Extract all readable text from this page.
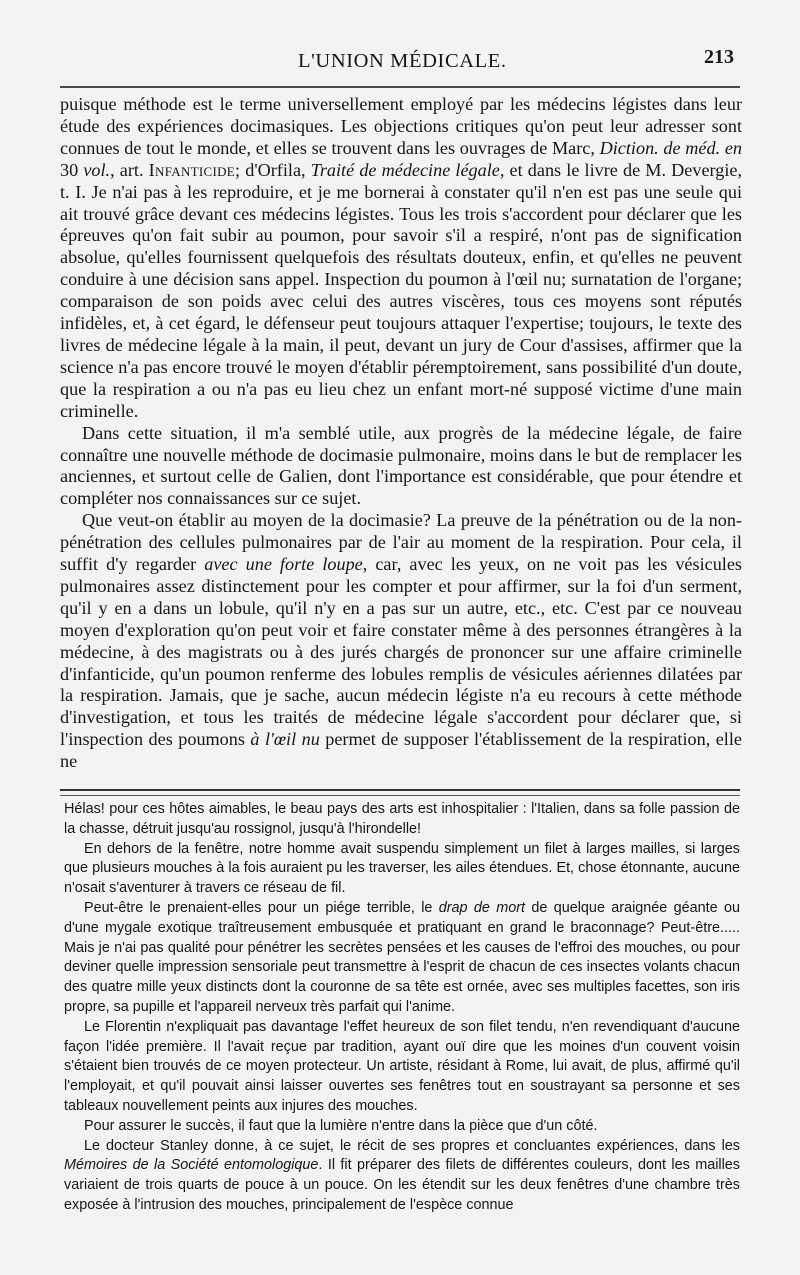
L'UNION MÉDICALE.	213

puisque méthode est le terme universellement employé par les médecins légistes dans leur étude des expériences docimasiques. Les objections critiques qu'on peut leur adresser sont connues de tout le monde, et elles se trouvent dans les ouvrages de Marc, Diction. de méd. en 30 vol., art. Infanticide; d'Orfila, Traité de médecine légale, et dans le livre de M. Devergie, t. I. Je n'ai pas à les reproduire, et je me bornerai à constater qu'il n'en est pas une seule qui ait trouvé grâce devant ces médecins légistes. Tous les trois s'accordent pour déclarer que les épreuves qu'on fait subir au poumon, pour savoir s'il a respiré, n'ont pas de signification absolue, qu'elles fournissent quelquefois des résultats douteux, enfin, et qu'elles ne peuvent conduire à une décision sans appel. Inspection du poumon à l'œil nu; surnatation de l'organe; comparaison de son poids avec celui des autres viscères, tous ces moyens sont réputés infidèles, et, à cet égard, le défenseur peut toujours attaquer l'expertise; toujours, le texte des livres de médecine légale à la main, il peut, devant un jury de Cour d'assises, affirmer que la science n'a pas encore trouvé le moyen d'établir péremptoirement, sans possibilité d'un doute, que la respiration a ou n'a pas eu lieu chez un enfant mort-né supposé victime d'une main criminelle.

Dans cette situation, il m'a semblé utile, aux progrès de la médecine légale, de faire connaître une nouvelle méthode de docimasie pulmonaire, moins dans le but de remplacer les anciennes, et surtout celle de Galien, dont l'importance est considérable, que pour étendre et compléter nos connaissances sur ce sujet.

Que veut-on établir au moyen de la docimasie? La preuve de la pénétration ou de la non-pénétration des cellules pulmonaires par de l'air au moment de la respiration. Pour cela, il suffit d'y regarder avec une forte loupe, car, avec les yeux, on ne voit pas les vésicules pulmonaires assez distinctement pour les compter et pour affirmer, sur la foi d'un serment, qu'il y en a dans un lobule, qu'il n'y en a pas sur un autre, etc., etc. C'est par ce nouveau moyen d'exploration qu'on peut voir et faire constater même à des personnes étrangères à la médecine, à des magistrats ou à des jurés chargés de prononcer sur une affaire criminelle d'infanticide, qu'un poumon renferme des lobules remplis de vésicules aériennes dilatées par la respiration. Jamais, que je sache, aucun médecin légiste n'a eu recours à cette méthode d'investigation, et tous les traités de médecine légale s'accordent pour déclarer que, si l'inspection des poumons à l'œil nu permet de supposer l'établissement de la respiration, elle ne

Hélas! pour ces hôtes aimables, le beau pays des arts est inhospitalier : l'Italien, dans sa folle passion de la chasse, détruit jusqu'au rossignol, jusqu'à l'hirondelle!

En dehors de la fenêtre, notre homme avait suspendu simplement un filet à larges mailles, si larges que plusieurs mouches à la fois auraient pu les traverser, les ailes étendues. Et, chose étonnante, aucune n'osait s'aventurer à travers ce réseau de fil.

Peut-être le prenaient-elles pour un piége terrible, le drap de mort de quelque araignée géante ou d'une mygale exotique traîtreusement embusquée et pratiquant en grand le braconnage? Peut-être..... Mais je n'ai pas qualité pour pénétrer les secrètes pensées et les causes de l'effroi des mouches, ou pour deviner quelle impression sensoriale peut transmettre à l'esprit de chacun de ces insectes volants chacun des quatre mille yeux distincts dont la couronne de sa tête est ornée, avec ses multiples facettes, son iris propre, sa pupille et l'appareil nerveux très parfait qui l'anime.

Le Florentin n'expliquait pas davantage l'effet heureux de son filet tendu, n'en revendiquant d'aucune façon l'idée première. Il l'avait reçue par tradition, ayant ouï dire que les moines d'un couvent voisin s'étaient bien trouvés de ce moyen protecteur. Un artiste, résidant à Rome, lui avait, de plus, affirmé qu'il l'employait, et qu'il pouvait ainsi laisser ouvertes ses fenêtres tout en soustrayant sa personne et ses tableaux nouvellement peints aux injures des mouches.

Pour assurer le succès, il faut que la lumière n'entre dans la pièce que d'un côté.

Le docteur Stanley donne, à ce sujet, le récit de ses propres et concluantes expériences, dans les Mémoires de la Société entomologique. Il fit préparer des filets de différentes couleurs, dont les mailles variaient de trois quarts de pouce à un pouce. On les étendit sur les deux fenêtres d'une chambre très exposée à l'intrusion des mouches, principalement de l'espèce connue
